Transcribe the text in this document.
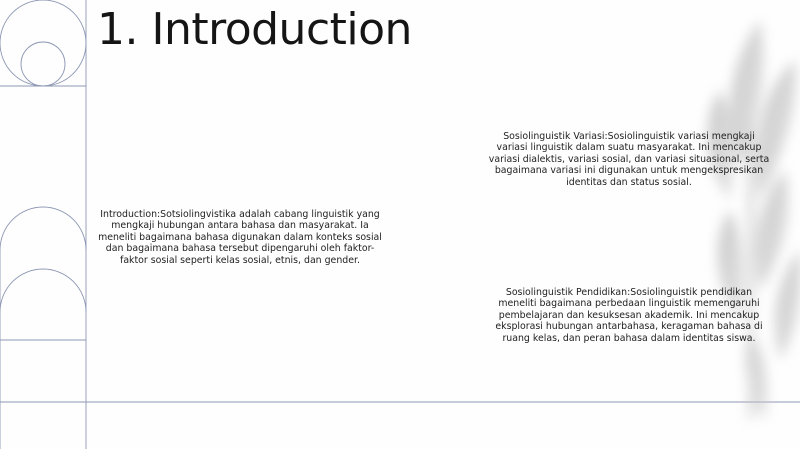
1. Introduction
Introduction:Sotsiolingvistika adalah cabang linguistik yang mengkaji hubungan antara bahasa dan masyarakat. Ia meneliti bagaimana bahasa digunakan dalam konteks sosial dan bagaimana bahasa tersebut dipengaruhi oleh faktor-faktor sosial seperti kelas sosial, etnis, dan gender.
Sosiolinguistik Variasi:Sosiolinguistik variasi mengkaji variasi linguistik dalam suatu masyarakat. Ini mencakup variasi dialektis, variasi sosial, dan variasi situasional, serta bagaimana variasi ini digunakan untuk mengekspresikan identitas dan status sosial.
Sosiolinguistik Pendidikan:Sosiolinguistik pendidikan meneliti bagaimana perbedaan linguistik memengaruhi pembelajaran dan kesuksesan akademik. Ini mencakup eksplorasi hubungan antarbahasa, keragaman bahasa di ruang kelas, dan peran bahasa dalam identitas siswa.
